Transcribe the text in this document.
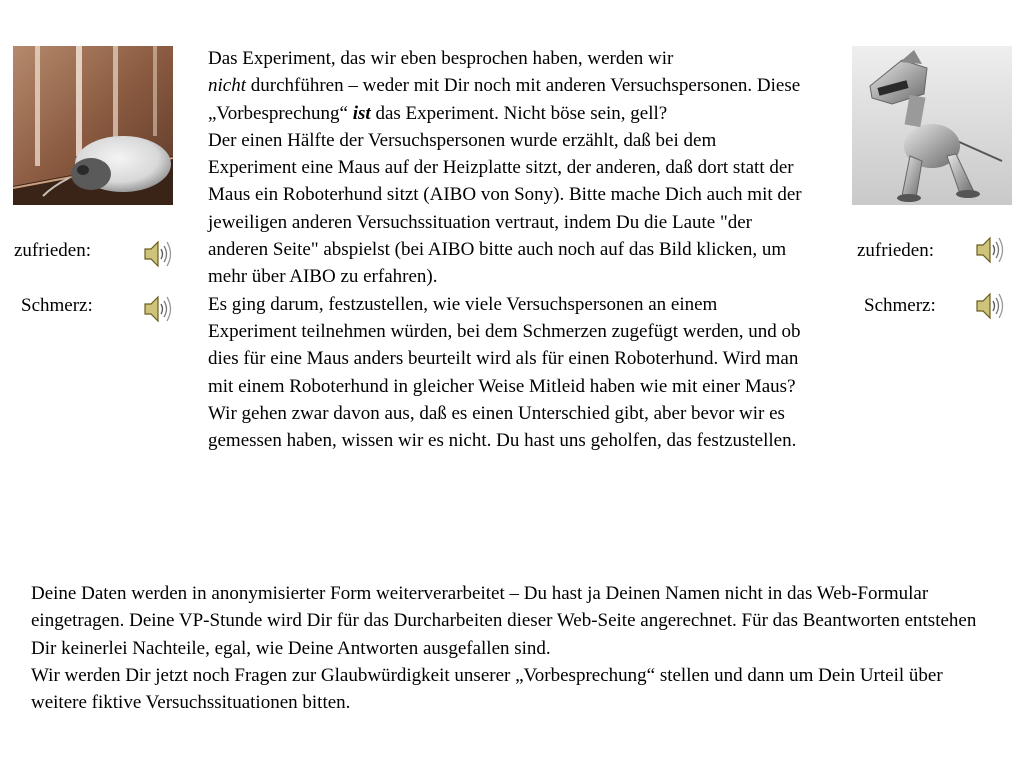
zufrieden:
Schmerz:

Das Experiment, das wir eben besprochen haben, werden wir
nicht durchführen – weder mit Dir noch mit anderen Versuchspersonen. Diese „Vorbesprechung“ ist das Experiment. Nicht böse sein, gell?

Der einen Hälfte der Versuchspersonen wurde erzählt, daß bei dem Experiment eine Maus auf der Heizplatte sitzt, der anderen, daß dort statt der Maus ein Roboterhund sitzt (AIBO von Sony). Bitte mache Dich auch mit der jeweiligen anderen Versuchssituation vertraut, indem Du die Laute "der anderen Seite" abspielst (bei AIBO bitte auch noch auf das Bild klicken, um mehr über AIBO zu erfahren).

Es ging darum, festzustellen, wie viele Versuchspersonen an einem Experiment teilnehmen würden, bei dem Schmerzen zugefügt werden, und ob dies für eine Maus anders beurteilt wird als für einen Roboterhund. Wird man mit einem Roboterhund in gleicher Weise Mitleid haben wie mit einer Maus? Wir gehen zwar davon aus, daß es einen Unterschied gibt, aber bevor wir es gemessen haben, wissen wir es nicht. Du hast uns geholfen, das festzustellen.

zufrieden:
Schmerz:

Deine Daten werden in anonymisierter Form weiterverarbeitet – Du hast ja Deinen Namen nicht in das Web-Formular eingetragen. Deine VP-Stunde wird Dir für das Durcharbeiten dieser Web-Seite angerechnet. Für das Beantworten entstehen Dir keinerlei Nachteile, egal, wie Deine Antworten ausgefallen sind.

Wir werden Dir jetzt noch Fragen zur Glaubwürdigkeit unserer „Vorbesprechung“ stellen und dann um Dein Urteil über weitere fiktive Versuchssituationen bitten.
